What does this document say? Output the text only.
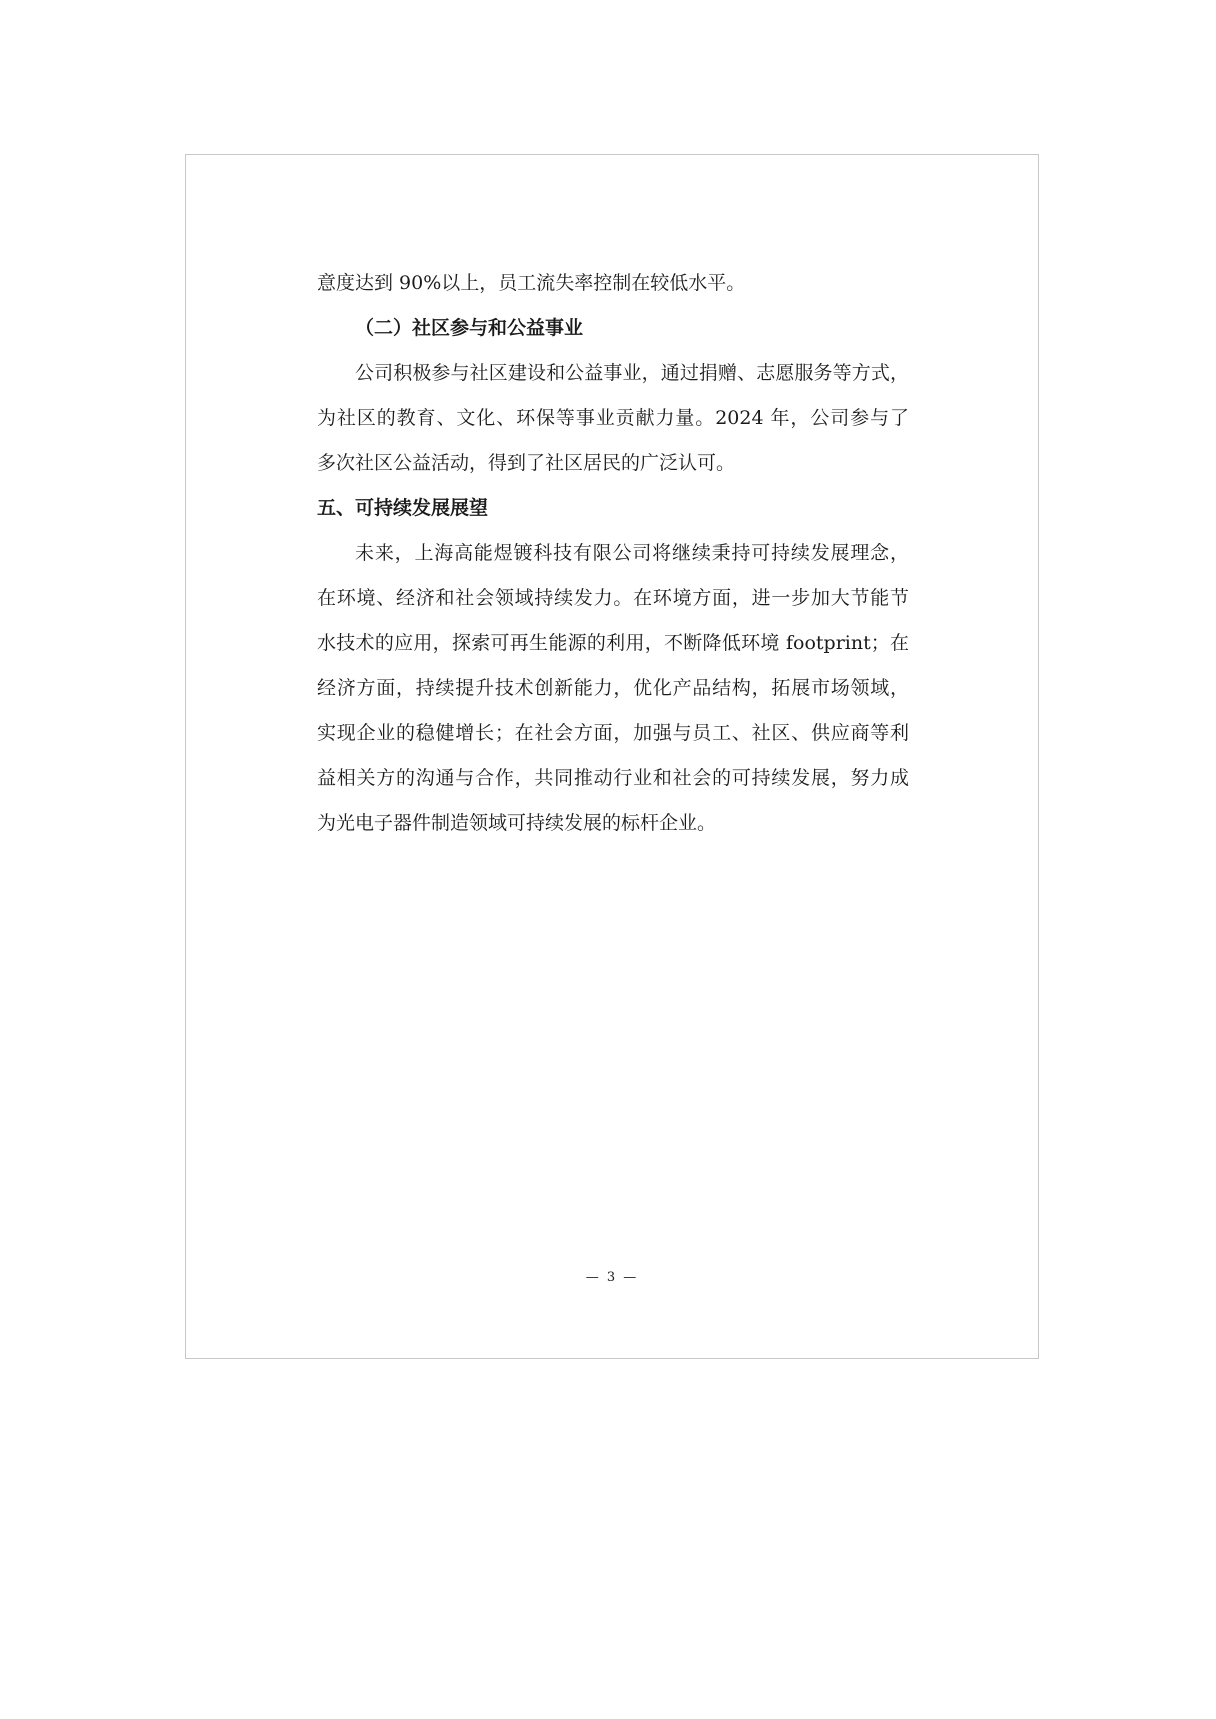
意度达到 90%以上，员工流失率控制在较低水平。
（二）社区参与和公益事业
公司积极参与社区建设和公益事业，通过捐赠、志愿服务等方式，
为社区的教育、文化、环保等事业贡献力量。2024 年，公司参与了
多次社区公益活动，得到了社区居民的广泛认可。
五、可持续发展展望
未来，上海高能煜镀科技有限公司将继续秉持可持续发展理念，
在环境、经济和社会领域持续发力。在环境方面，进一步加大节能节
水技术的应用，探索可再生能源的利用，不断降低环境 footprint；在
经济方面，持续提升技术创新能力，优化产品结构，拓展市场领域，
实现企业的稳健增长；在社会方面，加强与员工、社区、供应商等利
益相关方的沟通与合作，共同推动行业和社会的可持续发展，努力成
为光电子器件制造领域可持续发展的标杆企业。
— 3 —
